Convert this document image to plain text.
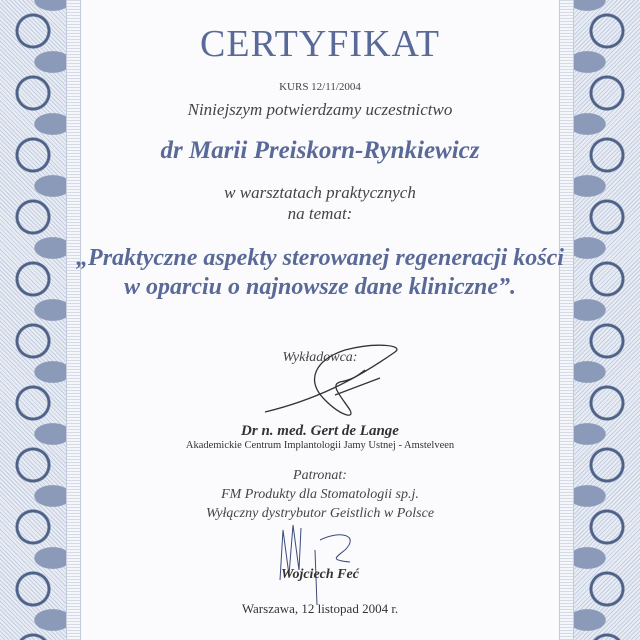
CERTYFIKAT
KURS 12/11/2004
Niniejszym potwierdzamy uczestnictwo
dr Marii Preiskorn-Rynkiewicz
w warsztatach praktycznych
na temat:
„Praktyczne aspekty sterowanej regeneracji kości w oparciu o najnowsze dane kliniczne”.
Wykładowca:
Dr n. med. Gert de Lange
Akademickie Centrum Implantologii Jamy Ustnej - Amstelveen
Patronat:
FM Produkty dla Stomatologii sp.j.
Wyłączny dystrybutor Geistlich w Polsce
Wojciech Feć
Warszawa, 12 listopad 2004 r.
